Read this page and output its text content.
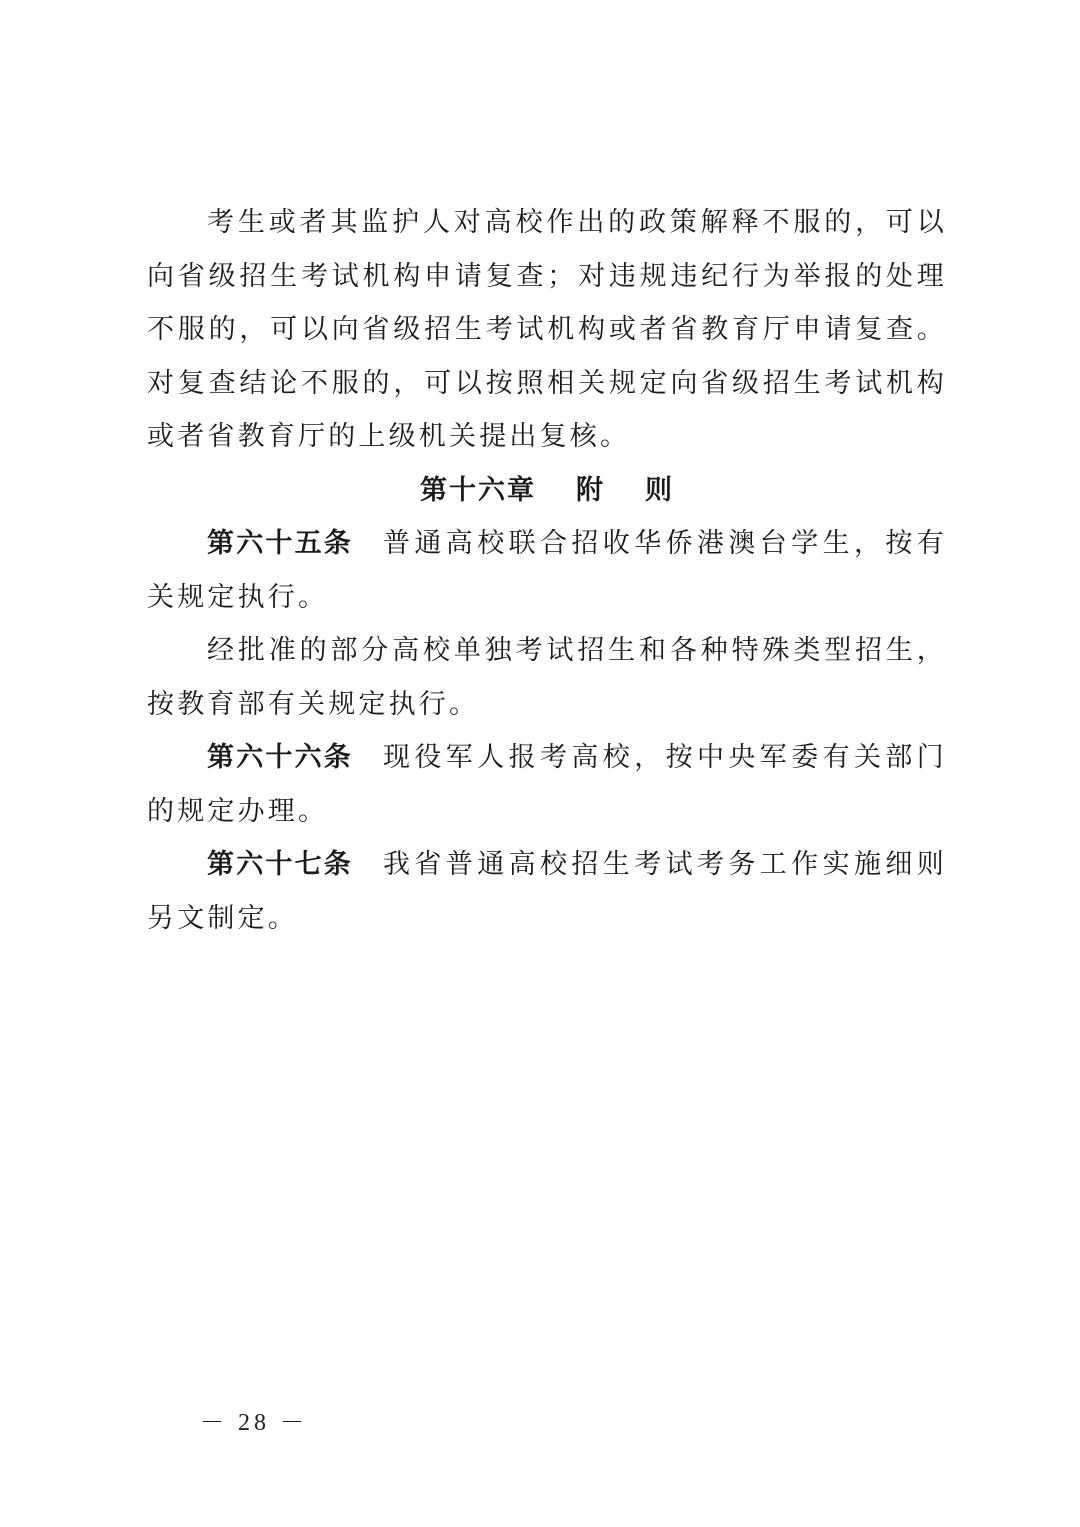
考生或者其监护人对高校作出的政策解释不服的，可以向省级招生考试机构申请复查；对违规违纪行为举报的处理不服的，可以向省级招生考试机构或者省教育厅申请复查。对复查结论不服的，可以按照相关规定向省级招生考试机构或者省教育厅的上级机关提出复核。

第十六章 附 则

第六十五条 普通高校联合招收华侨港澳台学生，按有关规定执行。

经批准的部分高校单独考试招生和各种特殊类型招生，按教育部有关规定执行。

第六十六条 现役军人报考高校，按中央军委有关部门的规定办理。

第六十七条 我省普通高校招生考试考务工作实施细则另文制定。

－ 28 －
